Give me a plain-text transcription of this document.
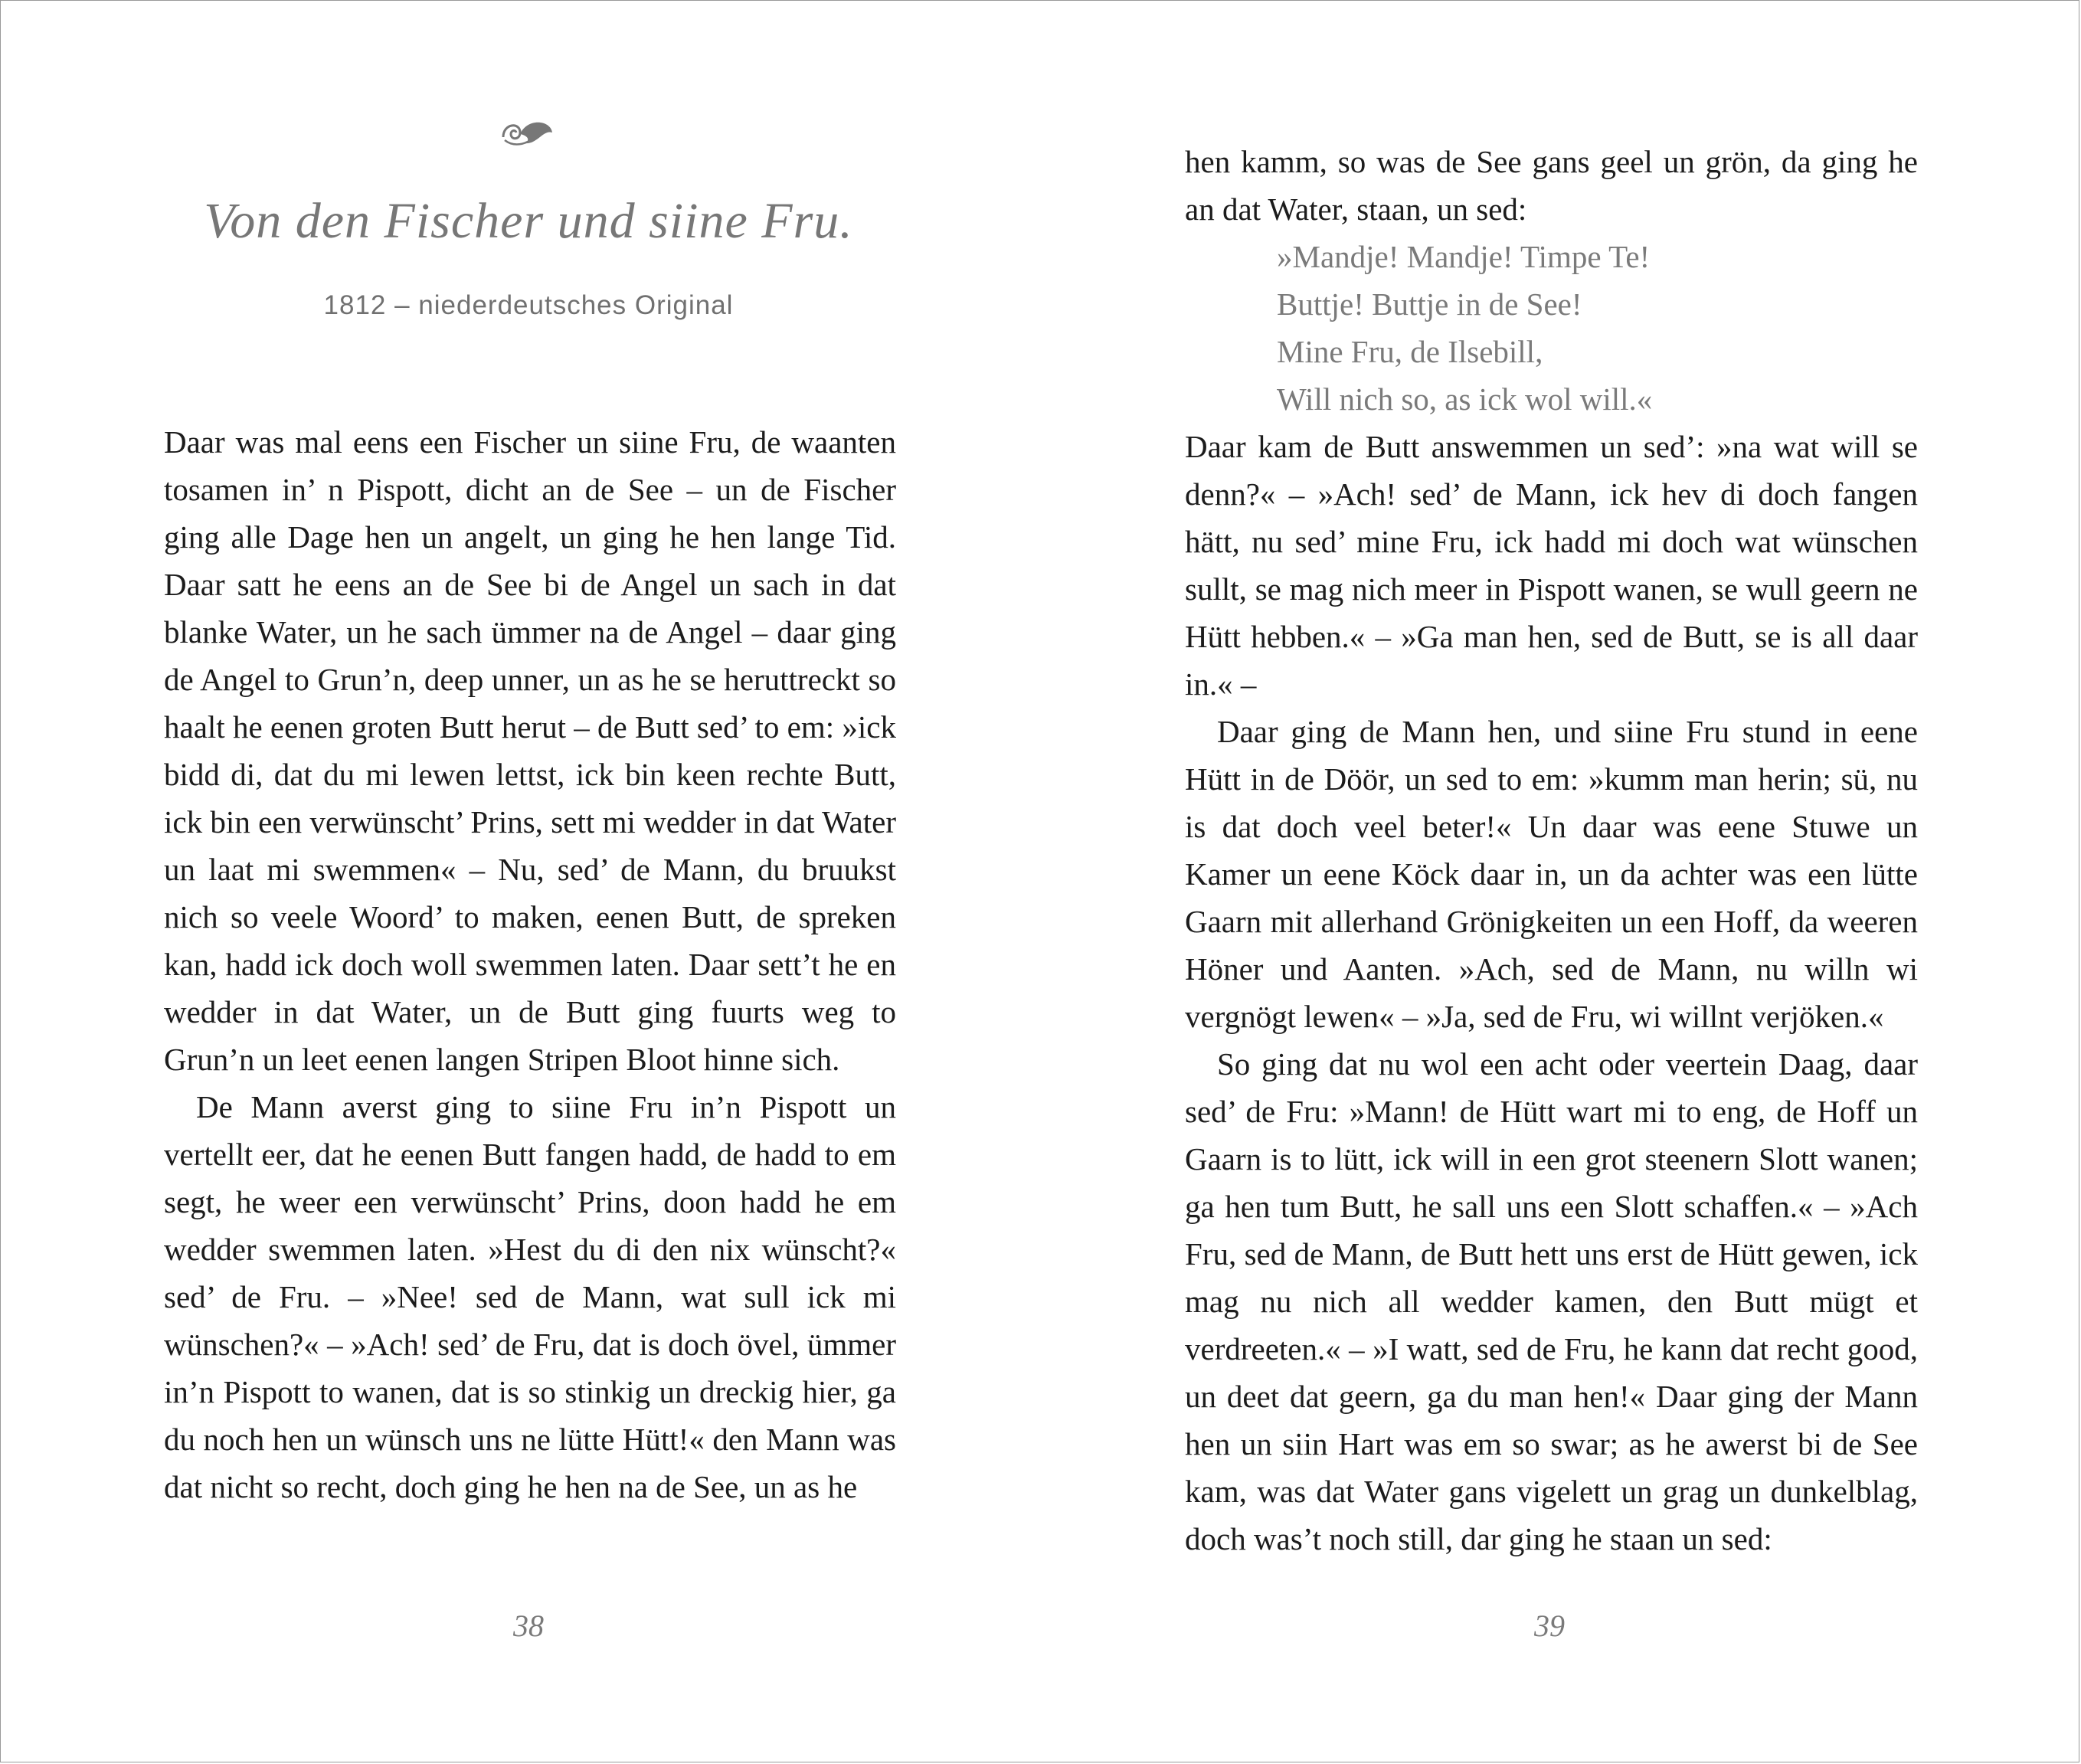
Von den Fischer und siine Fru.
1812 – niederdeutsches Original

Daar was mal eens een Fischer un siine Fru, de waanten tosamen in’ n Pispott, dicht an de See – un de Fischer ging alle Dage hen un angelt, un ging he hen lange Tid. Daar satt he eens an de See bi de Angel un sach in dat blanke Water, un he sach ümmer na de Angel – daar ging de Angel to Grun’n, deep unner, un as he se heruttreckt so haalt he eenen groten Butt herut – de Butt sed’ to em: »ick bidd di, dat du mi lewen lettst, ick bin keen rechte Butt, ick bin een verwünscht’ Prins, sett mi wedder in dat Water un laat mi swemmen« – Nu, sed’ de Mann, du bruukst nich so veele Woord’ to maken, eenen Butt, de spreken kan, hadd ick doch woll swemmen laten. Daar sett’t he en wedder in dat Water, un de Butt ging fuurts weg to Grun’n un leet eenen langen Stripen Bloot hinne sich.

De Mann averst ging to siine Fru in’n Pispott un vertellt eer, dat he eenen Butt fangen hadd, de hadd to em segt, he weer een verwünscht’ Prins, doon hadd he em wedder swemmen laten. »Hest du di den nix wünscht?« sed’ de Fru. – »Nee! sed de Mann, wat sull ick mi wünschen?« – »Ach! sed’ de Fru, dat is doch övel, ümmer in’n Pispott to wanen, dat is so stinkig un dreckig hier, ga du noch hen un wünsch uns ne lütte Hütt!« den Mann was dat nicht so recht, doch ging he hen na de See, un as he

38

hen kamm, so was de See gans geel un grön, da ging he an dat Water, staan, un sed:

»Mandje! Mandje! Timpe Te!
Buttje! Buttje in de See!
Mine Fru, de Ilsebill,
Will nich so, as ick wol will.«

Daar kam de Butt answemmen un sed’: »na wat will se denn?« – »Ach! sed’ de Mann, ick hev di doch fangen hätt, nu sed’ mine Fru, ick hadd mi doch wat wünschen sullt, se mag nich meer in Pispott wanen, se wull geern ne Hütt hebben.« – »Ga man hen, sed de Butt, se is all daar in.« –

Daar ging de Mann hen, und siine Fru stund in eene Hütt in de Döör, un sed to em: »kumm man herin; sü, nu is dat doch veel beter!« Un daar was eene Stuwe un Kamer un eene Köck daar in, un da achter was een lütte Gaarn mit allerhand Grönigkeiten un een Hoff, da weeren Höner und Aanten. »Ach, sed de Mann, nu willn wi vergnögt lewen« – »Ja, sed de Fru, wi willnt verjöken.«

So ging dat nu wol een acht oder veertein Daag, daar sed’ de Fru: »Mann! de Hütt wart mi to eng, de Hoff un Gaarn is to lütt, ick will in een grot steenern Slott wanen; ga hen tum Butt, he sall uns een Slott schaffen.« – »Ach Fru, sed de Mann, de Butt hett uns erst de Hütt gewen, ick mag nu nich all wedder kamen, den Butt mügt et verdreeten.« – »I watt, sed de Fru, he kann dat recht good, un deet dat geern, ga du man hen!« Daar ging der Mann hen un siin Hart was em so swar; as he awerst bi de See kam, was dat Water gans vigelett un grag un dunkelblag, doch was’t noch still, dar ging he staan un sed:

39
